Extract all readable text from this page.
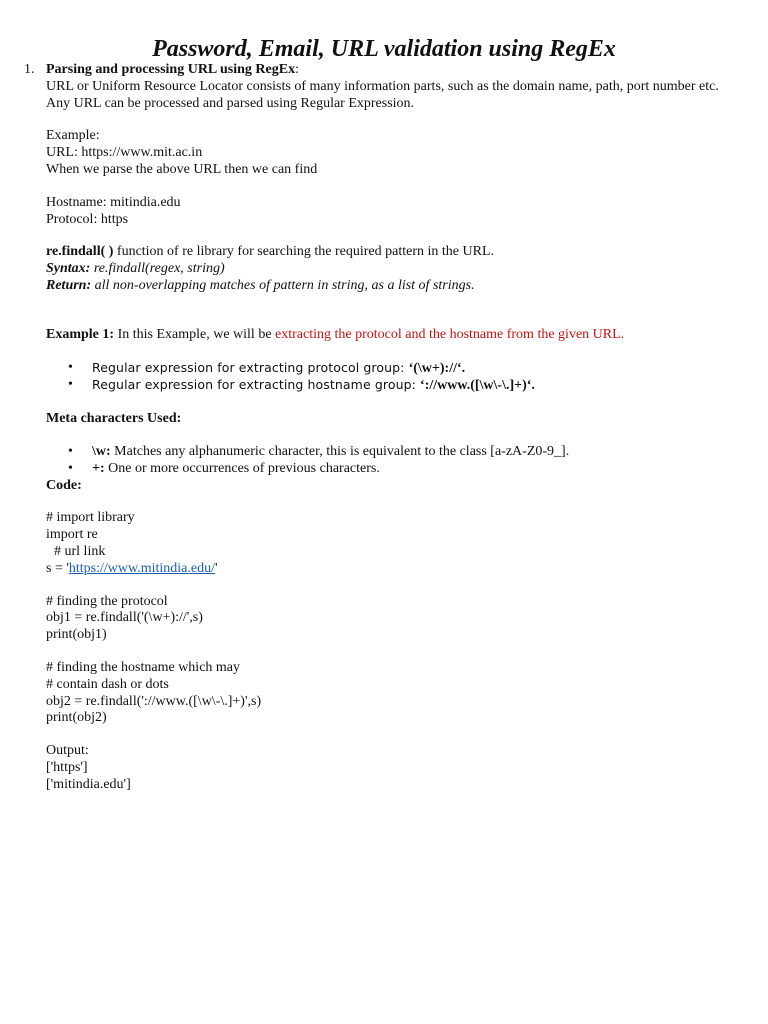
Password, Email, URL validation using RegEx
1. Parsing and processing URL using RegEx:
URL or Uniform Resource Locator consists of many information parts, such as the domain name, path, port number etc. Any URL can be processed and parsed using Regular Expression.
Example:
URL: https://www.mit.ac.in
When we parse the above URL then we can find
Hostname: mitindia.edu
Protocol: https
re.findall( ) function of re library for searching the required pattern in the URL.
Syntax: re.findall(regex, string)
Return: all non-overlapping matches of pattern in string, as a list of strings.
Example 1: In this Example, we will be extracting the protocol and the hostname from the given URL.
• Regular expression for extracting protocol group: ‘(\w+)://‘.
• Regular expression for extracting hostname group: ‘://www.([\w\-\.]+)‘.
Meta characters Used:
• \w: Matches any alphanumeric character, this is equivalent to the class [a-zA-Z0-9_].
• +: One or more occurrences of previous characters.
Code:
# import library
import re
# url link
s = 'https://www.mitindia.edu/'
# finding the protocol
obj1 = re.findall('(\w+)://',s)
print(obj1)
# finding the hostname which may
# contain dash or dots
obj2 = re.findall('://www.([\w\-\.]+)',s)
print(obj2)
Output:
['https']
['mitindia.edu']
